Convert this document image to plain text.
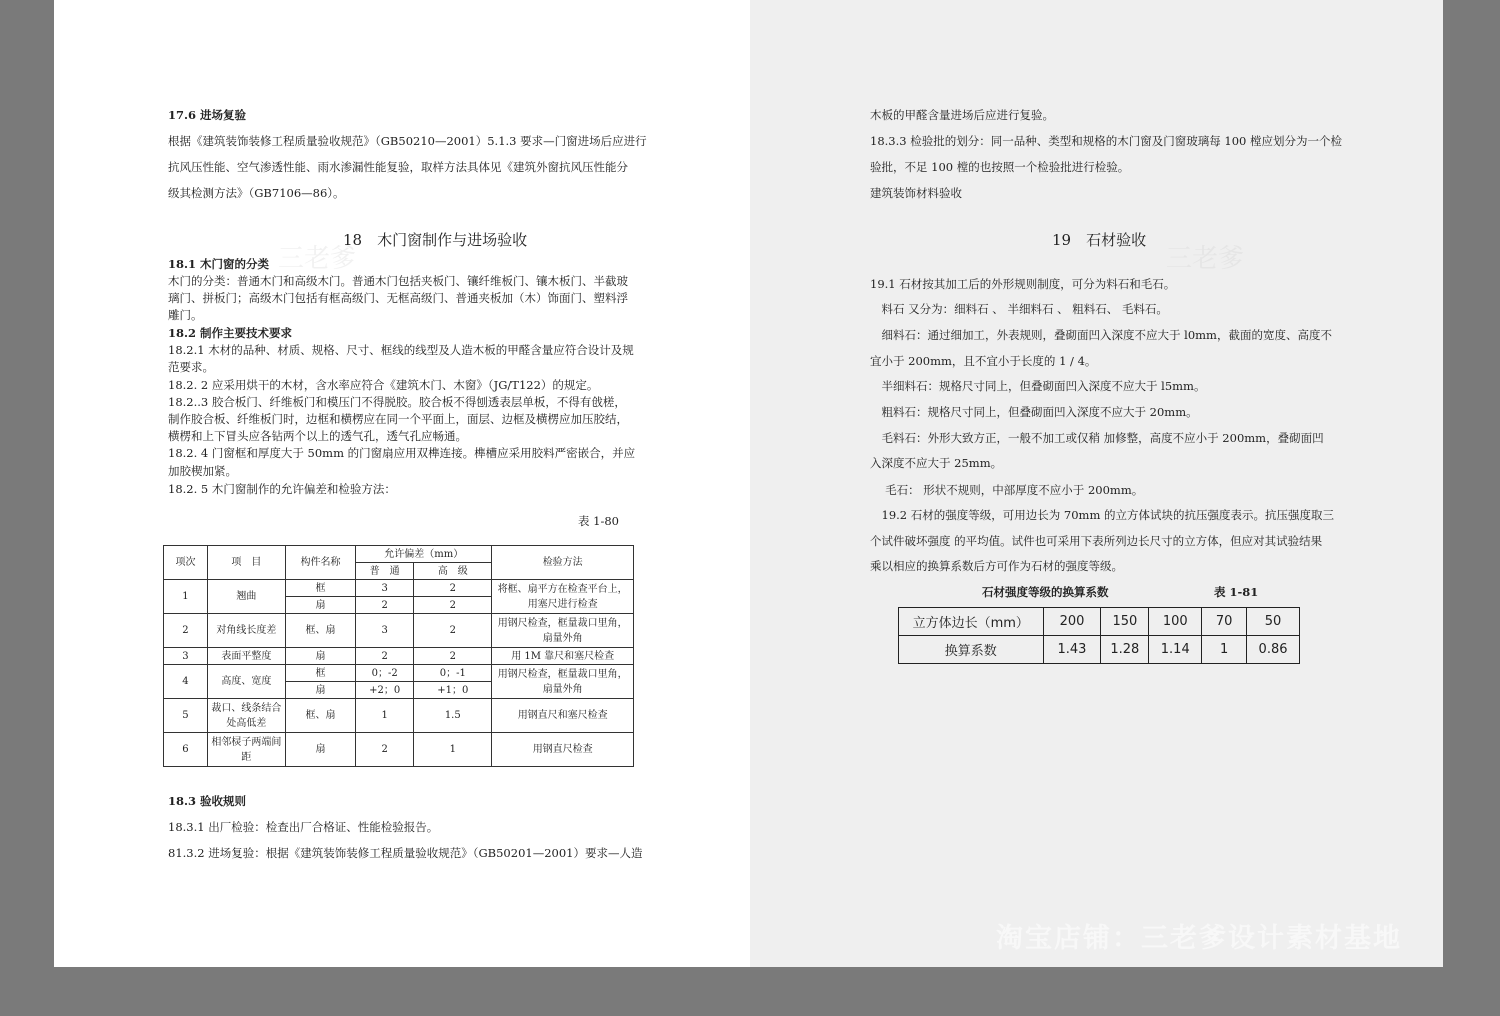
17.6 进场复验
根据《建筑装饰装修工程质量验收规范》（GB50210—2001）5.1.3 要求—门窗进场后应进行
抗风压性能、空气渗透性能、雨水渗漏性能复验，取样方法具体见《建筑外窗抗风压性能分
级其检测方法》（GB7106—86）。
三老爹
18　木门窗制作与进场验收
18.1 木门窗的分类
木门的分类：普通木门和高级木门。普通木门包括夹板门、镶纤维板门、镶木板门、半截玻
璃门、拼板门；高级木门包括有框高级门、无框高级门、普通夹板加（木）饰面门、塑料浮
雕门。
18.2 制作主要技术要求
18.2.1 木材的品种、材质、规格、尺寸、框线的线型及人造木板的甲醛含量应符合设计及规
范要求。
18.2. 2 应采用烘干的木材，含水率应符合《建筑木门、木窗》（JG/T122）的规定。
18.2..3 胶合板门、纤维板门和模压门不得脱胶。胶合板不得刨透表层单板，不得有戗槎，
制作胶合板、纤维板门时，边框和横楞应在同一个平面上，面层、边框及横楞应加压胶结，
横楞和上下冒头应各钻两个以上的透气孔，透气孔应畅通。
18.2. 4 门窗框和厚度大于 50mm 的门窗扇应用双榫连接。榫槽应采用胶料严密嵌合，并应
加胶楔加紧。
18.2. 5 木门窗制作的允许偏差和检验方法：
表 1-80
项次	项　目	构件名称	允许偏差（mm）		检验方法
			普　通	高　级	
1	翘曲	框	3	2	将框、扇平方在检查平台上，用塞尺进行检查
		扇	2	2	
2	对角线长度差	框、扇	3	2	用钢尺检查，框量裁口里角，扇量外角
3	表面平整度	扇	2	2	用 1M 靠尺和塞尺检查
4	高度、宽度	框	0；-2	0；-1	用钢尺检查，框量裁口里角，扇量外角
		扇	+2；0	+1；0	
5	裁口、线条结合处高低差	框、扇	1	1.5	用钢直尺和塞尺检查
6	相邻棂子两端间距	扇	2	1	用钢直尺检查
18.3 验收规则
18.3.1 出厂检验：检查出厂合格证、性能检验报告。
81.3.2 进场复验：根据《建筑装饰装修工程质量验收规范》（GB50201—2001）要求—人造
木板的甲醛含量进场后应进行复验。
18.3.3 检验批的划分：同一品种、类型和规格的木门窗及门窗玻璃每 100 樘应划分为一个检
验批，不足 100 樘的也按照一个检验批进行检验。
建筑装饰材料验收
三老爹
19　石材验收
19.1 石材按其加工后的外形规则制度，可分为料石和毛石。
　料石 又分为：细料石 、 半细料石 、 粗料石、 毛料石。
　细料石：通过细加工，外表规则，叠砌面凹入深度不应大于 l0mm，截面的宽度、高度不
宜小于 200mm，且不宜小于长度的 1 / 4。
　半细料石：规格尺寸同上，但叠砌面凹入深度不应大于 l5mm。
　粗料石：规格尺寸同上，但叠砌面凹入深度不应大于 20mm。
　毛料石：外形大致方正，一般不加工或仅稍 加修整，高度不应小于 200mm，叠砌面凹
入深度不应大于 25mm。
　 毛石： 形状不规则，中部厚度不应小于 200mm。
　19.2 石材的强度等级，可用边长为 70mm 的立方体试块的抗压强度表示。抗压强度取三
个试件破坏强度 的平均值。试件也可采用下表所列边长尺寸的立方体，但应对其试验结果
乘以相应的换算系数后方可作为石材的强度等级。
石材强度等级的换算系数	表 1-81
立方体边长（mm）	200	150	100	70	50
换算系数	1.43	1.28	1.14	1	0.86
淘宝店铺：三老爹设计素材基地
